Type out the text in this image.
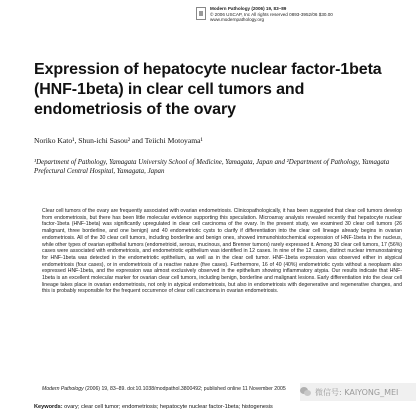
Modern Pathology (2006) 19, 83–89
© 2006 USCAP, Inc All rights reserved 0893-3952/06 $30.00
www.modernpathology.org
Expression of hepatocyte nuclear factor-1beta (HNF-1beta) in clear cell tumors and endometriosis of the ovary
Noriko Kato¹, Shun-ichi Sasou² and Teiichi Motoyama¹
¹Department of Pathology, Yamagata University School of Medicine, Yamagata, Japan and ²Department of Pathology, Yamagata Prefectural Central Hospital, Yamagata, Japan

Clear cell tumors of the ovary are frequently associated with ovarian endometriosis. Clinicopathologically, it has been suggested that clear cell tumors develop from endometriosis, but there has been little molecular evidence supporting this speculation. Microarray analysis revealed recently that hepatocyte nuclear factor-1beta (HNF-1beta) was significantly upregulated in clear cell carcinoma of the ovary. In the present study, we examined 30 clear cell tumors (26 malignant, three borderline, and one benign) and 40 endometriotic cysts to clarify if differentiation into the clear cell lineage already begins in ovarian endometriosis. All of the 30 clear cell tumors, including borderline and benign ones, showed immunohistochemical expression of HNF-1beta in the nucleus, while other types of ovarian epithelial tumors (endometrioid, serous, mucinous, and Brenner tumors) rarely expressed it. Among 30 clear cell tumors, 17 (56%) cases were associated with endometriosis, and endometriotic epithelium was identified in 12 cases. In nine of the 12 cases, distinct nuclear immunostaining for HNF-1beta was detected in the endometriotic epithelium, as well as in the clear cell tumor. HNF-1beta expression was observed either in atypical endometriosis (four cases), or in endometriosis of a reactive nature (five cases). Furthermore, 16 of 40 (40%) endometriotic cysts without a neoplasm also expressed HNF-1beta, and the expression was almost exclusively observed in the epithelium showing inflammatory atypia. Our results indicate that HNF-1beta is an excellent molecular marker for ovarian clear cell tumors, including benign, borderline and malignant lesions. Early differentiation into the clear cell lineage takes place in ovarian endometriosis, not only in atypical endometriosis, but also in endometriosis with degenerative and regenerative changes, and this is probably responsible for the frequent occurrence of clear cell carcinoma in ovarian endometriosis.

Modern Pathology (2006) 19, 83–89. doi:10.1038/modpathol.3800492; published online 11 November 2005
Keywords: ovary; clear cell tumor; endometriosis; hepatocyte nuclear factor-1beta; histogenesis
微信号: KAIYONG_MEI
